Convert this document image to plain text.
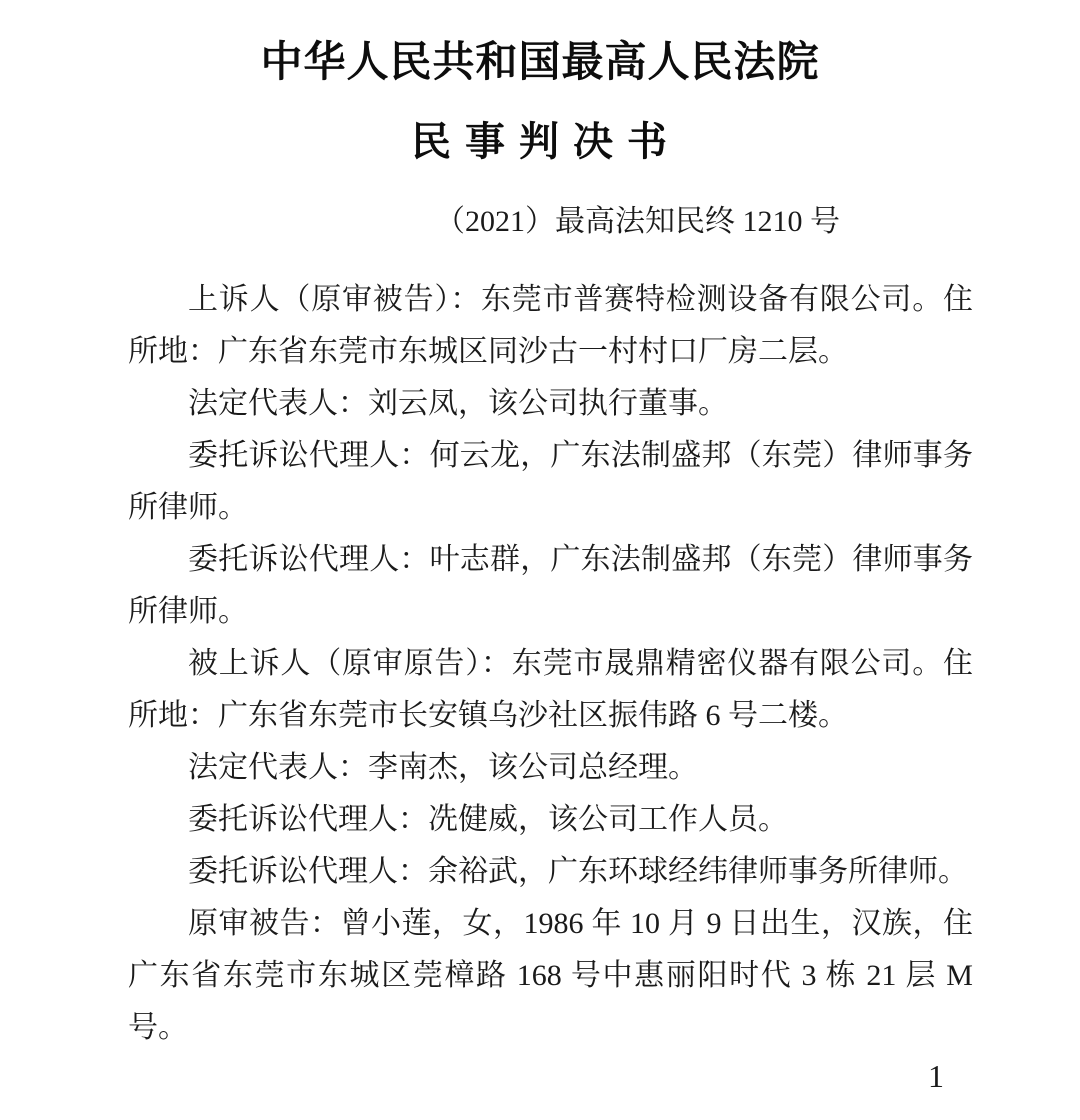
中华人民共和国最高人民法院
民 事 判 决 书
（2021）最高法知民终 1210 号

上诉人（原审被告）：东莞市普赛特检测设备有限公司。住所地：广东省东莞市东城区同沙古一村村口厂房二层。

法定代表人：刘云凤，该公司执行董事。

委托诉讼代理人：何云龙，广东法制盛邦（东莞）律师事务所律师。

委托诉讼代理人：叶志群，广东法制盛邦（东莞）律师事务所律师。

被上诉人（原审原告）：东莞市晟鼎精密仪器有限公司。住所地：广东省东莞市长安镇乌沙社区振伟路 6 号二楼。

法定代表人：李南杰，该公司总经理。

委托诉讼代理人：冼健威，该公司工作人员。

委托诉讼代理人：余裕武，广东环球经纬律师事务所律师。

原审被告：曾小莲，女，1986 年 10 月 9 日出生，汉族，住广东省东莞市东城区莞樟路 168 号中惠丽阳时代 3 栋 21 层 M 号。

1
